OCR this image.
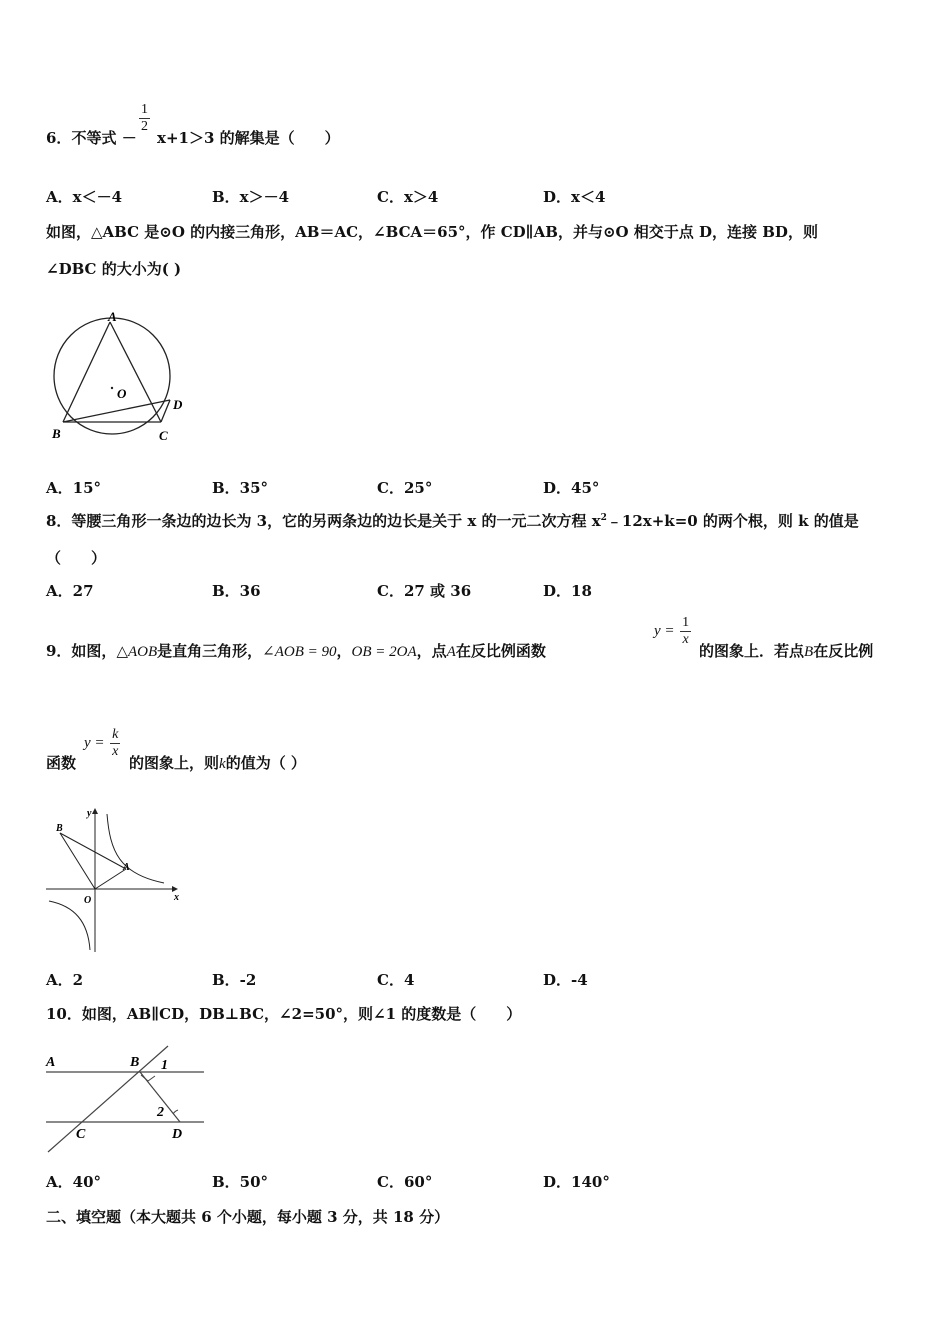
6．不等式 －
$\frac{1}{2}$
x+1＞3 的解集是（　　）
A．x＜－4	B．x＞－4	C．x＞4	D．x＜4
如图，△ABC 是⊙O 的内接三角形，AB＝AC，∠BCA＝65°，作 CD∥AB，并与⊙O 相交于点 D，连接 BD，则
∠DBC 的大小为( )
A
O
B	C
D
A．15°	B．35°	C．25°	D．45°
8．等腰三角形一条边的边长为 3，它的另两条边的边长是关于 x 的一元二次方程 $x^2﹣12x+k=0$ 的两个根，则 k 的值是
（　　）
A．27	B．36	C．27 或 36	D．18
9．如图，△AOB是直角三角形，∠AOB = 90，OB = 2OA，点A在反比例函数
$y = \frac{1}{x}$
的图象上．若点B在反比例
函数
$y = \frac{k}{x}$
的图象上，则k的值为（ ）
B
A
O	x
y
A．2	B．-2	C．4	D．-4
10．如图，AB∥CD，DB⊥BC，∠2=50°，则∠1 的度数是（　　）
A	B 1
2
C	D
A．40°	B．50°	C．60°	D．140°
二、填空题（本大题共 6 个小题，每小题 3 分，共 18 分）
